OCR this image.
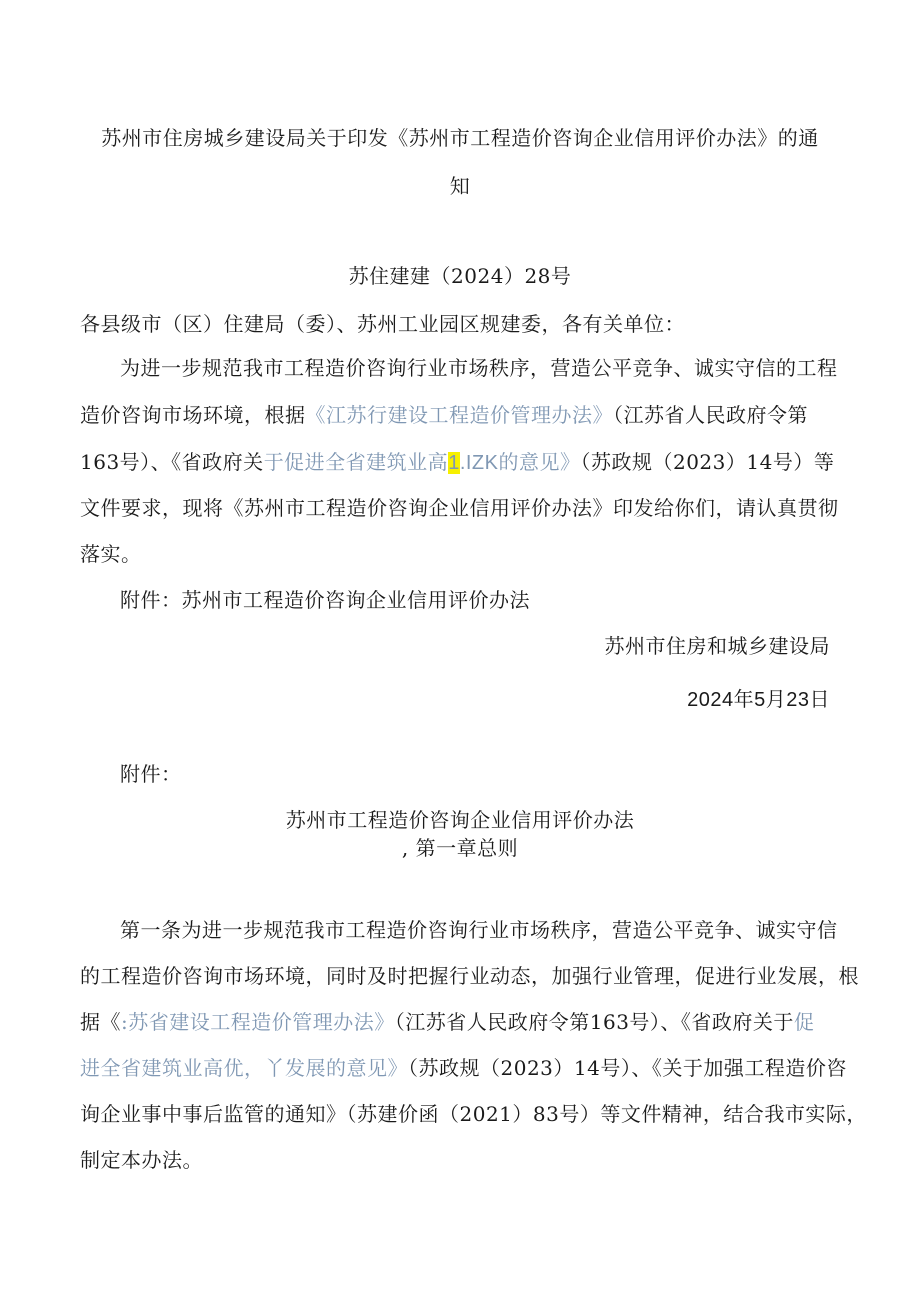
苏州市住房城乡建设局关于印发《苏州市工程造价咨询企业信用评价办法》的通
知
苏住建建（2024）28号
各县级市（区）住建局（委）、苏州工业园区规建委，各有关单位：
为进一步规范我市工程造价咨询行业市场秩序，营造公平竞争、诚实守信的工程
造价咨询市场环境，根据《江苏行建设工程造价管理办法》（江苏省人民政府令第
163号）、《省政府关于促进全省建筑业高1.IZK的意见》（苏政规（2023）14号）等
文件要求，现将《苏州市工程造价咨询企业信用评价办法》印发给你们，请认真贯彻
落实。
附件：苏州市工程造价咨询企业信用评价办法
苏州市住房和城乡建设局
2024年5月23日
附件：
苏州市工程造价咨询企业信用评价办法
, 第一章总则
第一条为进一步规范我市工程造价咨询行业市场秩序，营造公平竞争、诚实守信
的工程造价咨询市场环境，同时及时把握行业动态，加强行业管理，促进行业发展，根
据《:苏省建设工程造价管理办法》（江苏省人民政府令第163号）、《省政府关于促
进全省建筑业高优，丫发展的意见》（苏政规（2023）14号）、《关于加强工程造价咨
询企业事中事后监管的通知》（苏建价函（2021）83号）等文件精神，结合我市实际，
制定本办法。
